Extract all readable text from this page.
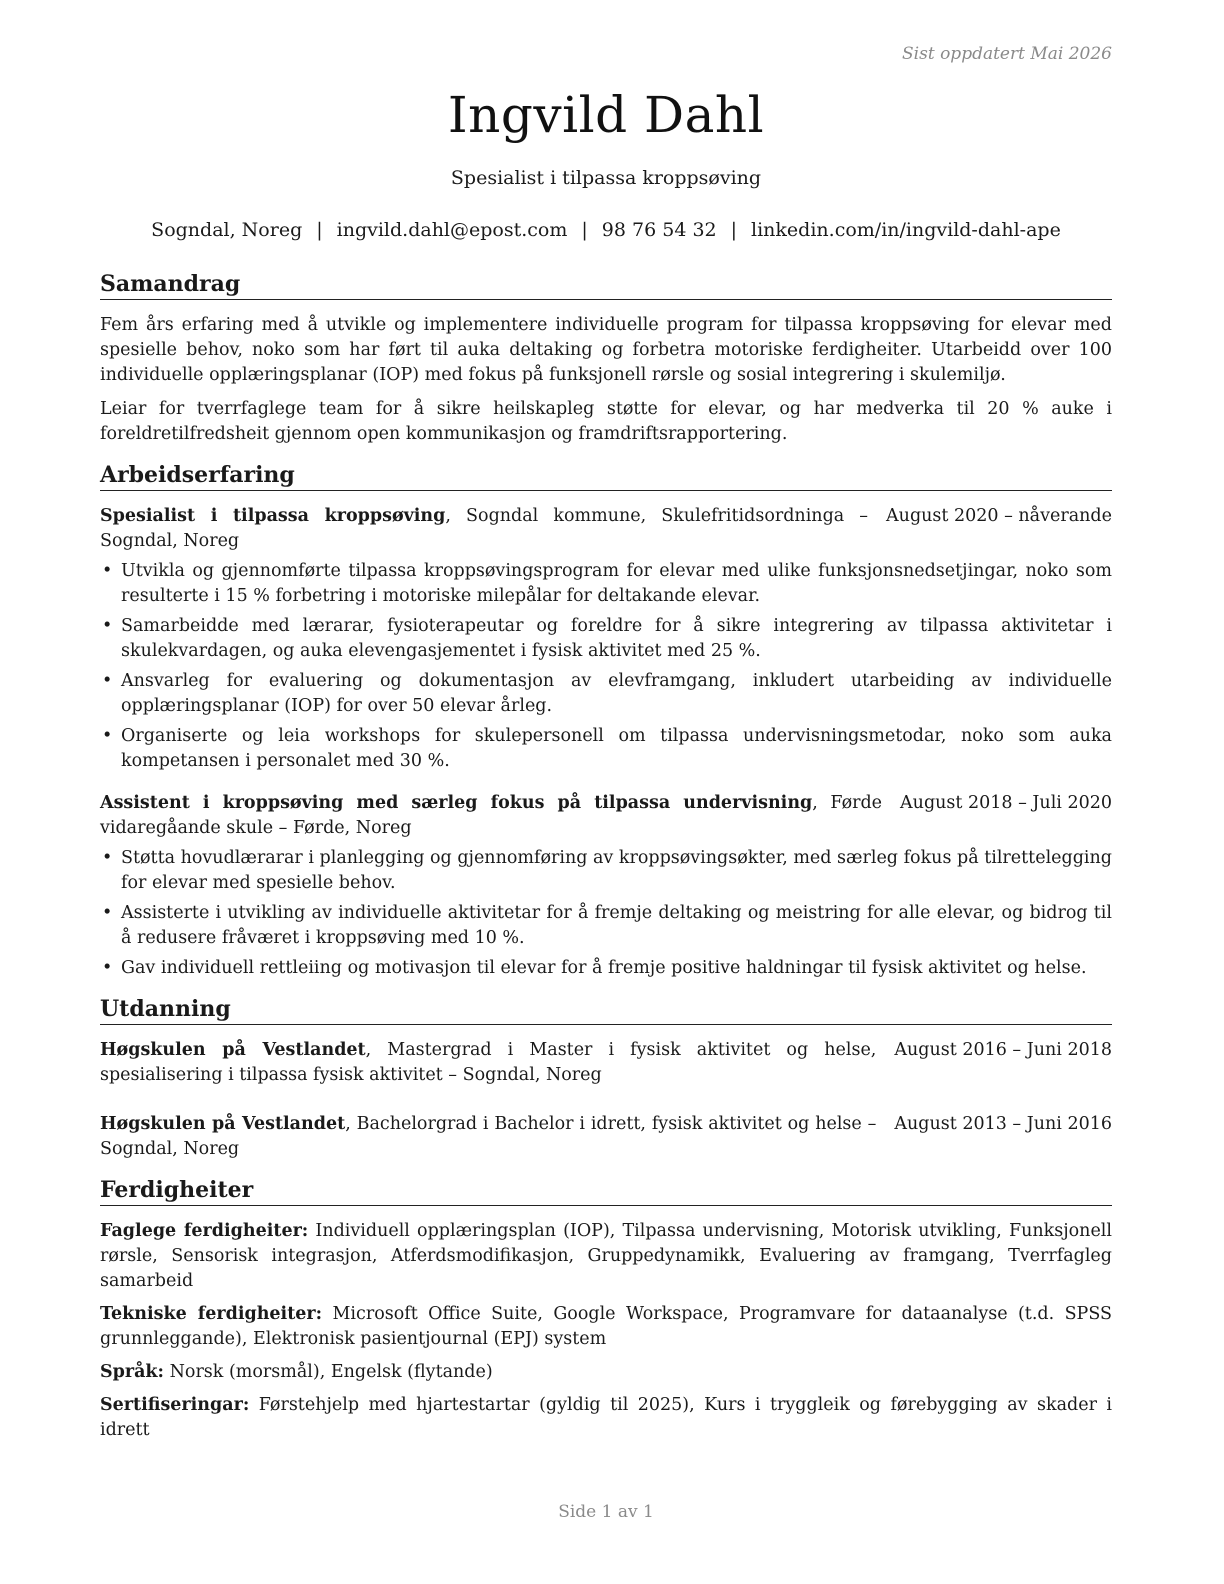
Sist oppdatert Mai 2026
Ingvild Dahl
Spesialist i tilpassa kroppsøving
Sogndal, Noreg | ingvild.dahl@epost.com | 98 76 54 32 | linkedin.com/in/ingvild-dahl-ape
Samandrag

Fem års erfaring med å utvikle og implementere individuelle program for tilpassa kroppsøving for elevar med spesielle behov, noko som har ført til auka deltaking og forbetra motoriske ferdigheiter. Utarbeidd over 100 individuelle opplæringsplanar (IOP) med fokus på funksjonell rørsle og sosial integrering i skulemiljø.

Leiar for tverrfaglege team for å sikre heilskapleg støtte for elevar, og har medverka til 20 % auke i foreldretilfredsheit gjennom open kommunikasjon og framdriftsrapportering.

Arbeidserfaring
Spesialist i tilpassa kroppsøving, Sogndal kommune, Skulefritidsordninga – Sogndal, Noreg
August 2020 – nåverande
• Utvikla og gjennomførte tilpassa kroppsøvingsprogram for elevar med ulike funksjonsnedsetjingar, noko som resulterte i 15 % forbetring i motoriske milepålar for deltakande elevar.
• Samarbeidde med lærarar, fysioterapeutar og foreldre for å sikre integrering av tilpassa aktivitetar i skulekvardagen, og auka elevengasjementet i fysisk aktivitet med 25 %.
• Ansvarleg for evaluering og dokumentasjon av elevframgang, inkludert utarbeiding av individuelle opplæringsplanar (IOP) for over 50 elevar årleg.
• Organiserte og leia workshops for skulepersonell om tilpassa undervisningsmetodar, noko som auka kompetansen i personalet med 30 %.
Assistent i kroppsøving med særleg fokus på tilpassa undervisning, Førde vidaregåande skule – Førde, Noreg
August 2018 – Juli 2020
• Støtta hovudlærarar i planlegging og gjennomføring av kroppsøvingsøkter, med særleg fokus på tilrettelegging for elevar med spesielle behov.
• Assisterte i utvikling av individuelle aktivitetar for å fremje deltaking og meistring for alle elevar, og bidrog til å redusere fråværet i kroppsøving med 10 %.
• Gav individuell rettleiing og motivasjon til elevar for å fremje positive haldningar til fysisk aktivitet og helse.
Utdanning
Høgskulen på Vestlandet, Mastergrad i Master i fysisk aktivitet og helse, spesialisering i tilpassa fysisk aktivitet – Sogndal, Noreg
August 2016 – Juni 2018
Høgskulen på Vestlandet, Bachelorgrad i Bachelor i idrett, fysisk aktivitet og helse – Sogndal, Noreg
August 2013 – Juni 2016
Ferdigheiter
Faglege ferdigheiter: Individuell opplæringsplan (IOP), Tilpassa undervisning, Motorisk utvikling, Funksjonell rørsle, Sensorisk integrasjon, Atferdsmodifikasjon, Gruppedynamikk, Evaluering av framgang, Tverrfagleg samarbeid
Tekniske ferdigheiter: Microsoft Office Suite, Google Workspace, Programvare for dataanalyse (t.d. SPSS grunnleggande), Elektronisk pasientjournal (EPJ) system
Språk: Norsk (morsmål), Engelsk (flytande)
Sertifiseringar: Førstehjelp med hjartestartar (gyldig til 2025), Kurs i tryggleik og førebygging av skader i idrett
Side 1 av 1
